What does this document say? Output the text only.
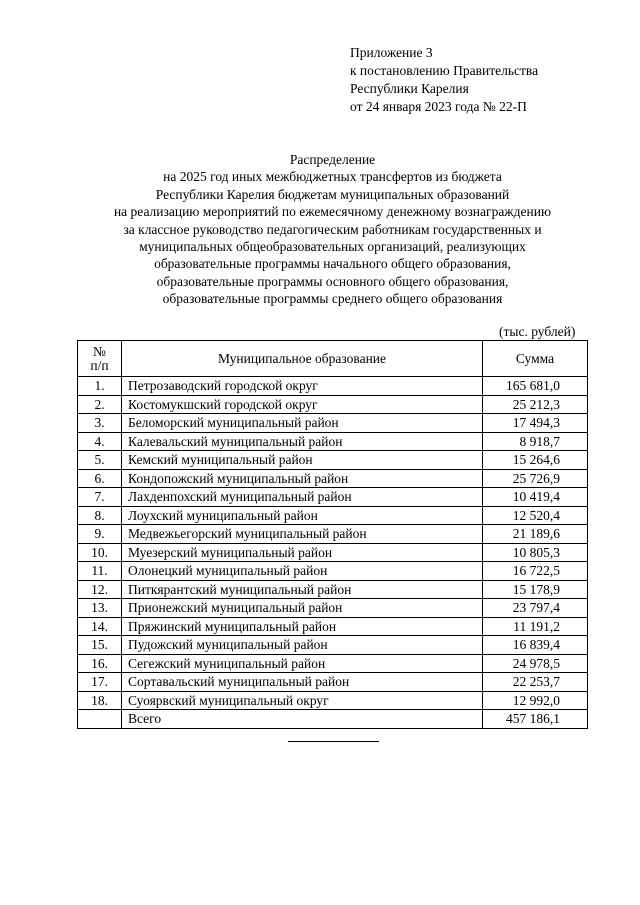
Приложение 3
к постановлению Правительства
Республики Карелия
от 24 января 2023 года № 22-П
Распределение
на 2025 год иных межбюджетных трансфертов из бюджета
Республики Карелия бюджетам муниципальных образований
на реализацию мероприятий по ежемесячному денежному вознаграждению
за классное руководство педагогическим работникам государственных и
муниципальных общеобразовательных организаций, реализующих
образовательные программы начального общего образования,
образовательные программы основного общего образования,
образовательные программы среднего общего образования
(тыс. рублей)
№
п/п	Муниципальное образование	Сумма
1.	Петрозаводский городской округ	165 681,0
2.	Костомукшский городской округ	25 212,3
3.	Беломорский муниципальный район	17 494,3
4.	Калевальский муниципальный район	8 918,7
5.	Кемский муниципальный район	15 264,6
6.	Кондопожский муниципальный район	25 726,9
7.	Лахденпохский муниципальный район	10 419,4
8.	Лоухский муниципальный район	12 520,4
9.	Медвежьегорский муниципальный район	21 189,6
10.	Муезерский муниципальный район	10 805,3
11.	Олонецкий муниципальный район	16 722,5
12.	Питкярантский муниципальный район	15 178,9
13.	Прионежский муниципальный район	23 797,4
14.	Пряжинский муниципальный район	11 191,2
15.	Пудожский муниципальный район	16 839,4
16.	Сегежский муниципальный район	24 978,5
17.	Сортавальский муниципальный район	22 253,7
18.	Суоярвский муниципальный округ	12 992,0
	Всего	457 186,1
